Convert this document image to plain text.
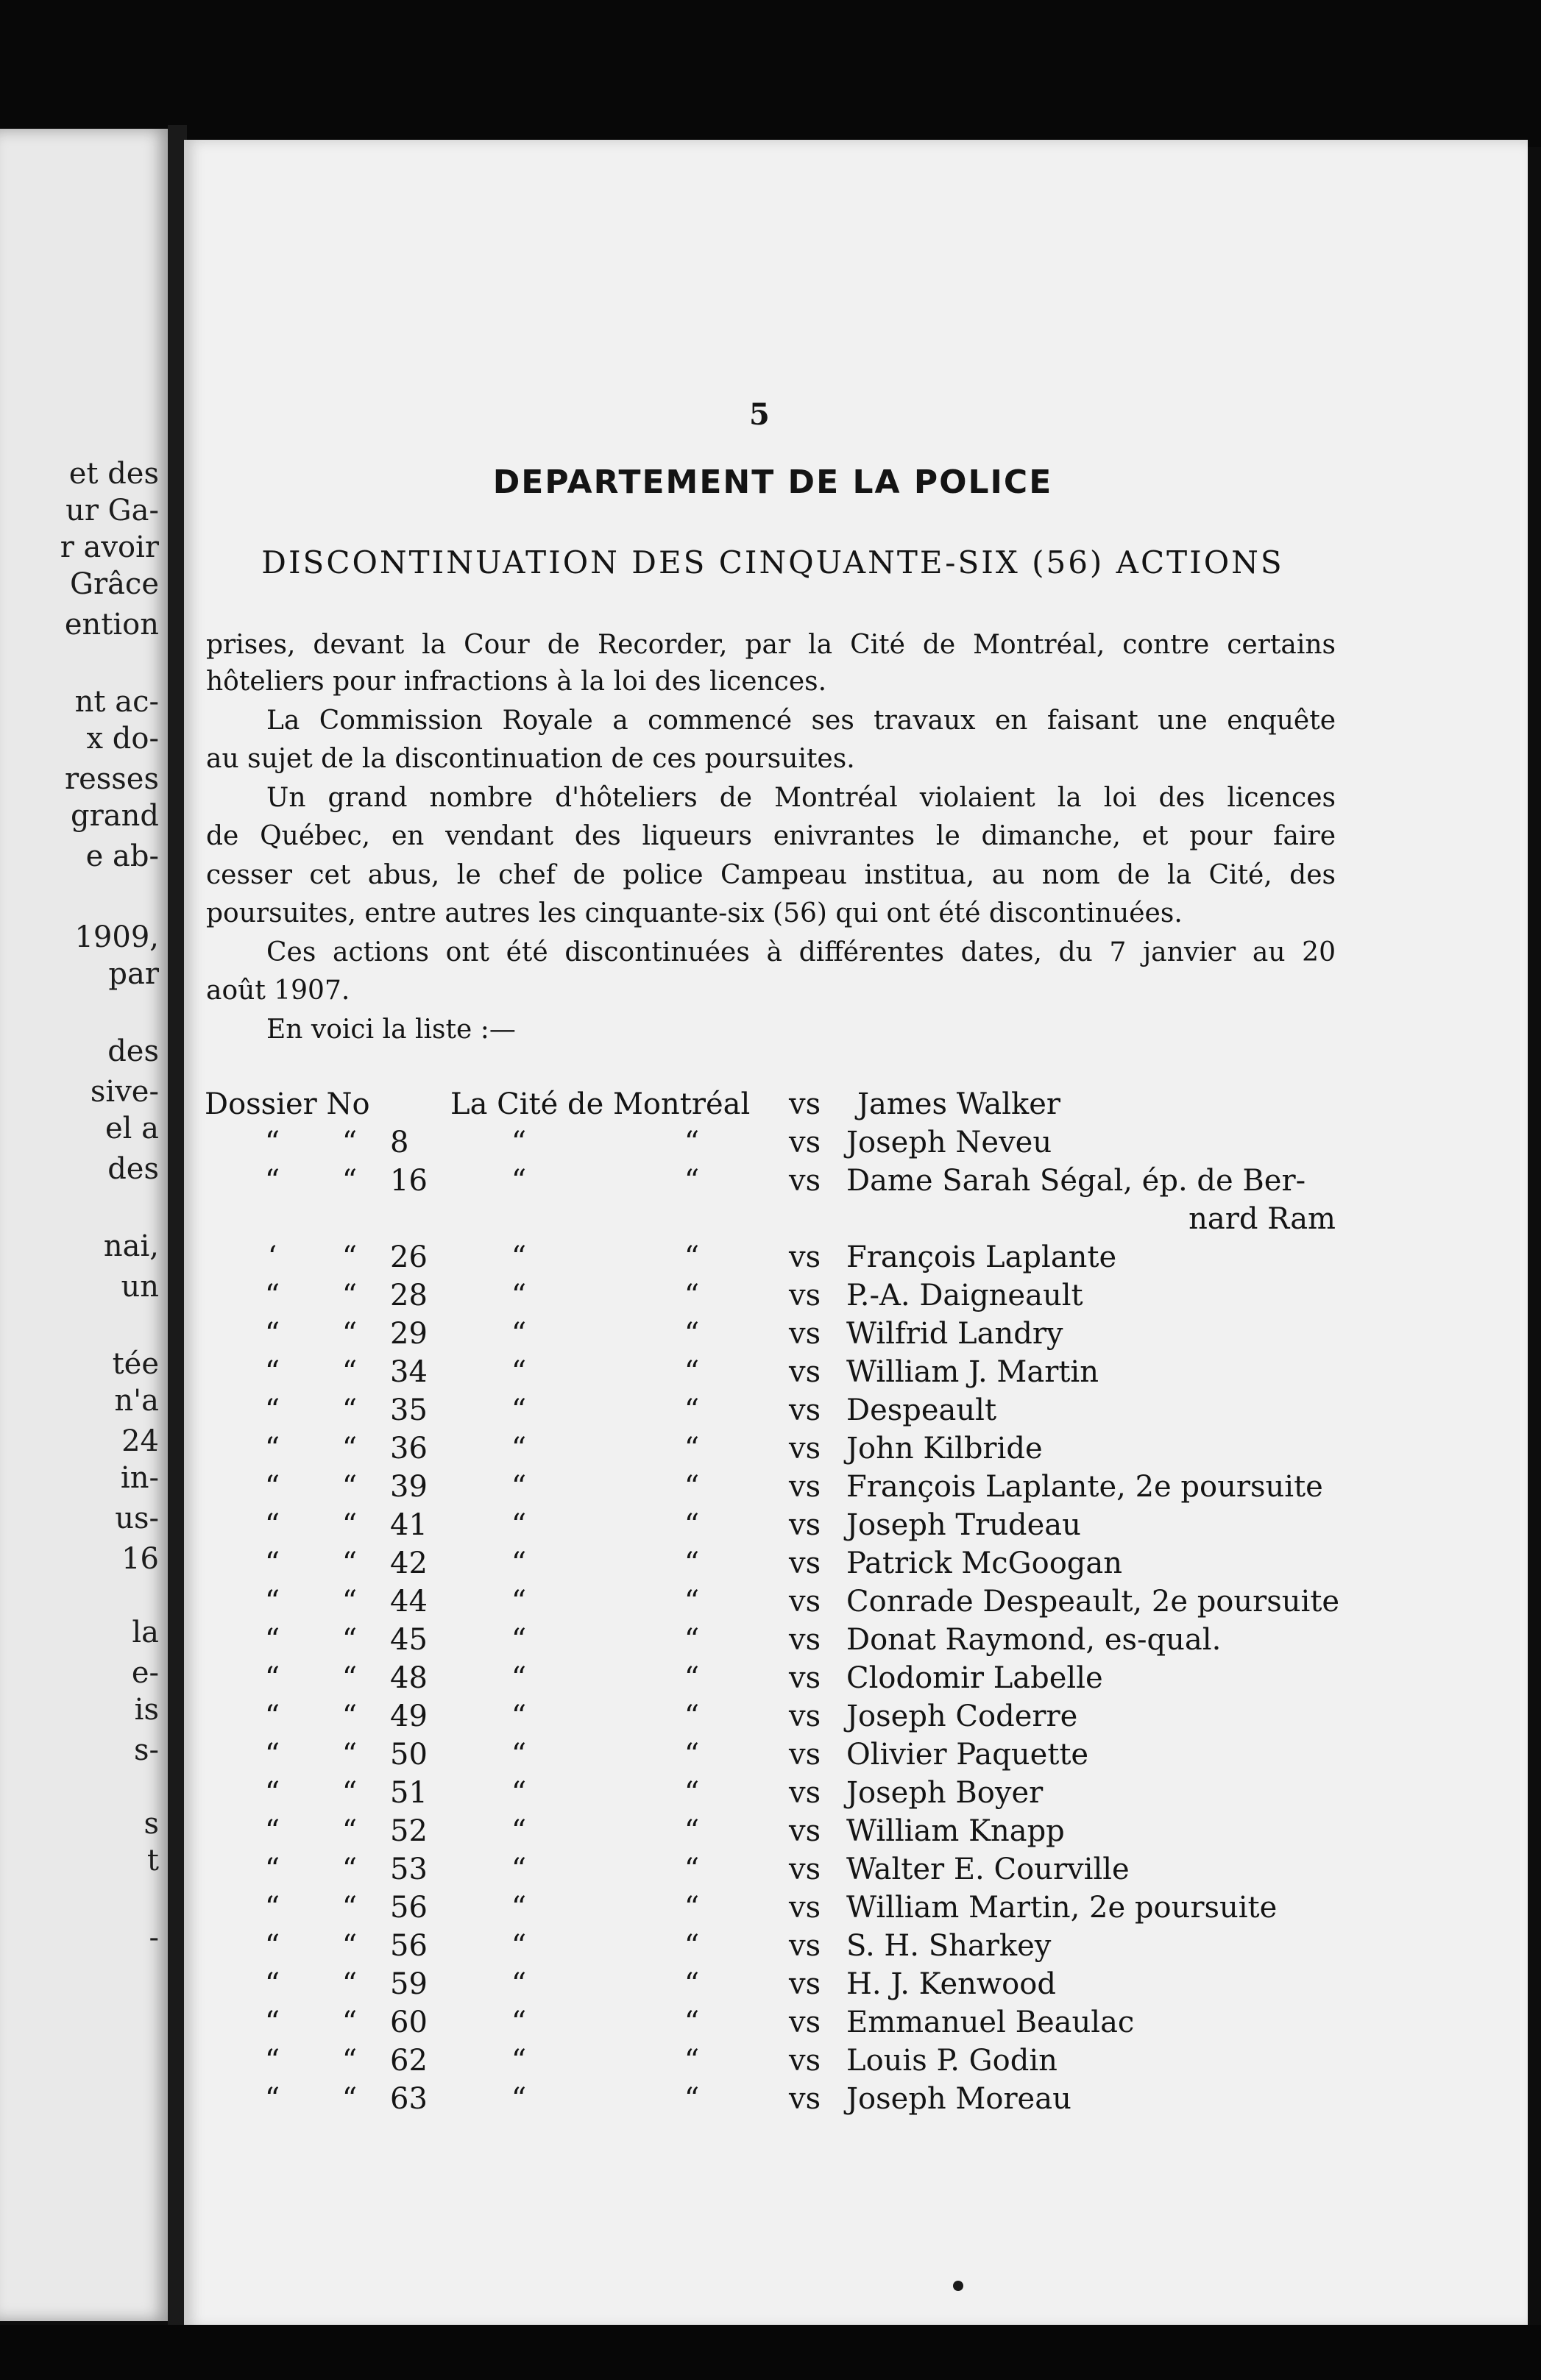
et des
ur Ga-
r avoir
Grâce
ention
nt ac-
x do-
resses
grand
e ab-
1909,
par
des
sive-
el a
des
nai,
un
tée
n'a
24
in-
us-
16
la
e-
is
s-
s
t
-
5
DEPARTEMENT DE LA POLICE
DISCONTINUATION DES CINQUANTE-SIX (56) ACTIONS
prises, devant la Cour de Recorder, par la Cité de Montréal, contre certains
hôteliers pour infractions à la loi des licences.
La Commission Royale a commencé ses travaux en faisant une enquête
au sujet de la discontinuation de ces poursuites.
Un grand nombre d'hôteliers de Montréal violaient la loi des licences
de Québec, en vendant des liqueurs enivrantes le dimanche, et pour faire
cesser cet abus, le chef de police Campeau institua, au nom de la Cité, des
poursuites, entre autres les cinquante-six (56) qui ont été discontinuées.
Ces actions ont été discontinuées à différentes dates, du 7 janvier au 20
août 1907.
En voici la liste :—
Dossier No	La Cité de Montréal vs James Walker
“	“	8	“	“	vs Joseph Neveu
“	“	16	“	“	vs Dame Sarah Ségal, ép. de Ber-
nard Ram
‘	“	26	“	“	vs François Laplante
“	“	28	“	“	vs P.-A. Daigneault
“	“	29	“	“	vs Wilfrid Landry
“	“	34	“	“	vs William J. Martin
“	“	35	“	“	vs Despeault
“	“	36	“	“	vs John Kilbride
“	“	39	“	“	vs François Laplante, 2e poursuite
“	“	41	“	“	vs Joseph Trudeau
“	“	42	“	“	vs Patrick McGoogan
“	“	44	“	“	vs Conrade Despeault, 2e poursuite
“	“	45	“	“	vs Donat Raymond, es-qual.
“	“	48	“	“	vs Clodomir Labelle
“	“	49	“	“	vs Joseph Coderre
“	“	50	“	“	vs Olivier Paquette
“	“	51	“	“	vs Joseph Boyer
“	“	52	“	“	vs William Knapp
“	“	53	“	“	vs Walter E. Courville
“	“	56	“	“	vs William Martin, 2e poursuite
“	“	56	“	“	vs S. H. Sharkey
“	“	59	“	“	vs H. J. Kenwood
“	“	60	“	“	vs Emmanuel Beaulac
“	“	62	“	“	vs Louis P. Godin
“	“	63	“	“	vs Joseph Moreau
